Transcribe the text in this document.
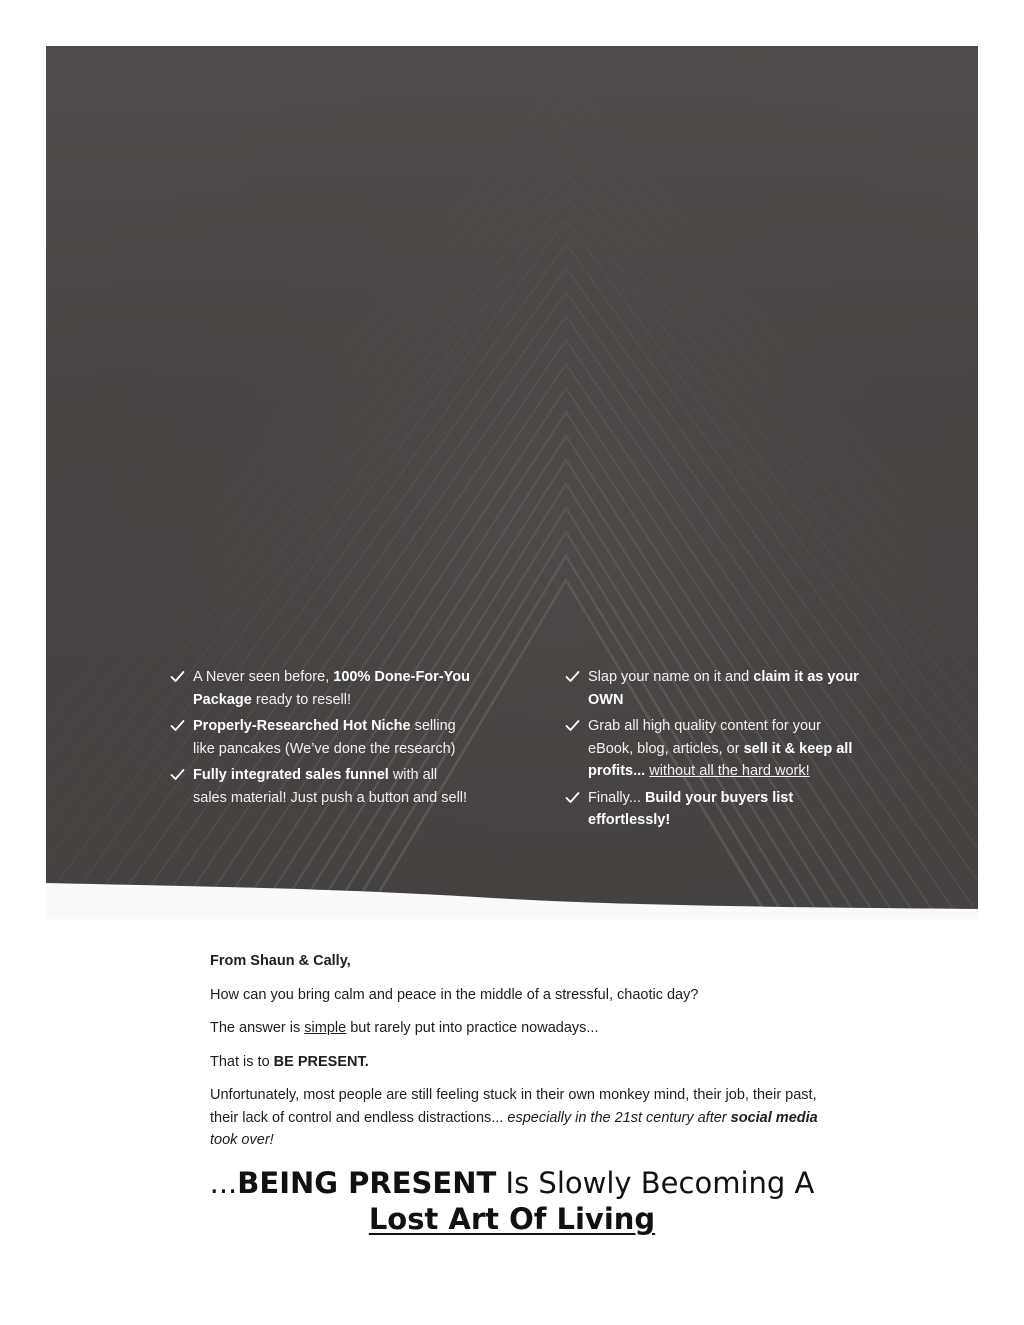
A Never seen before, 100% Done-For-You Package ready to resell!
Properly-Researched Hot Niche selling like pancakes (We’ve done the research)
Fully integrated sales funnel with all sales material! Just push a button and sell!
Slap your name on it and claim it as your OWN
Grab all high quality content for your eBook, blog, articles, or sell it & keep all profits... without all the hard work!
Finally... Build your buyers list effortlessly!

From Shaun & Cally,

How can you bring calm and peace in the middle of a stressful, chaotic day?

The answer is simple but rarely put into practice nowadays...

That is to BE PRESENT.

Unfortunately, most people are still feeling stuck in their own monkey mind, their job, their past, their lack of control and endless distractions... especially in the 21st century after social media took over!

...BEING PRESENT Is Slowly Becoming A
Lost Art Of Living
